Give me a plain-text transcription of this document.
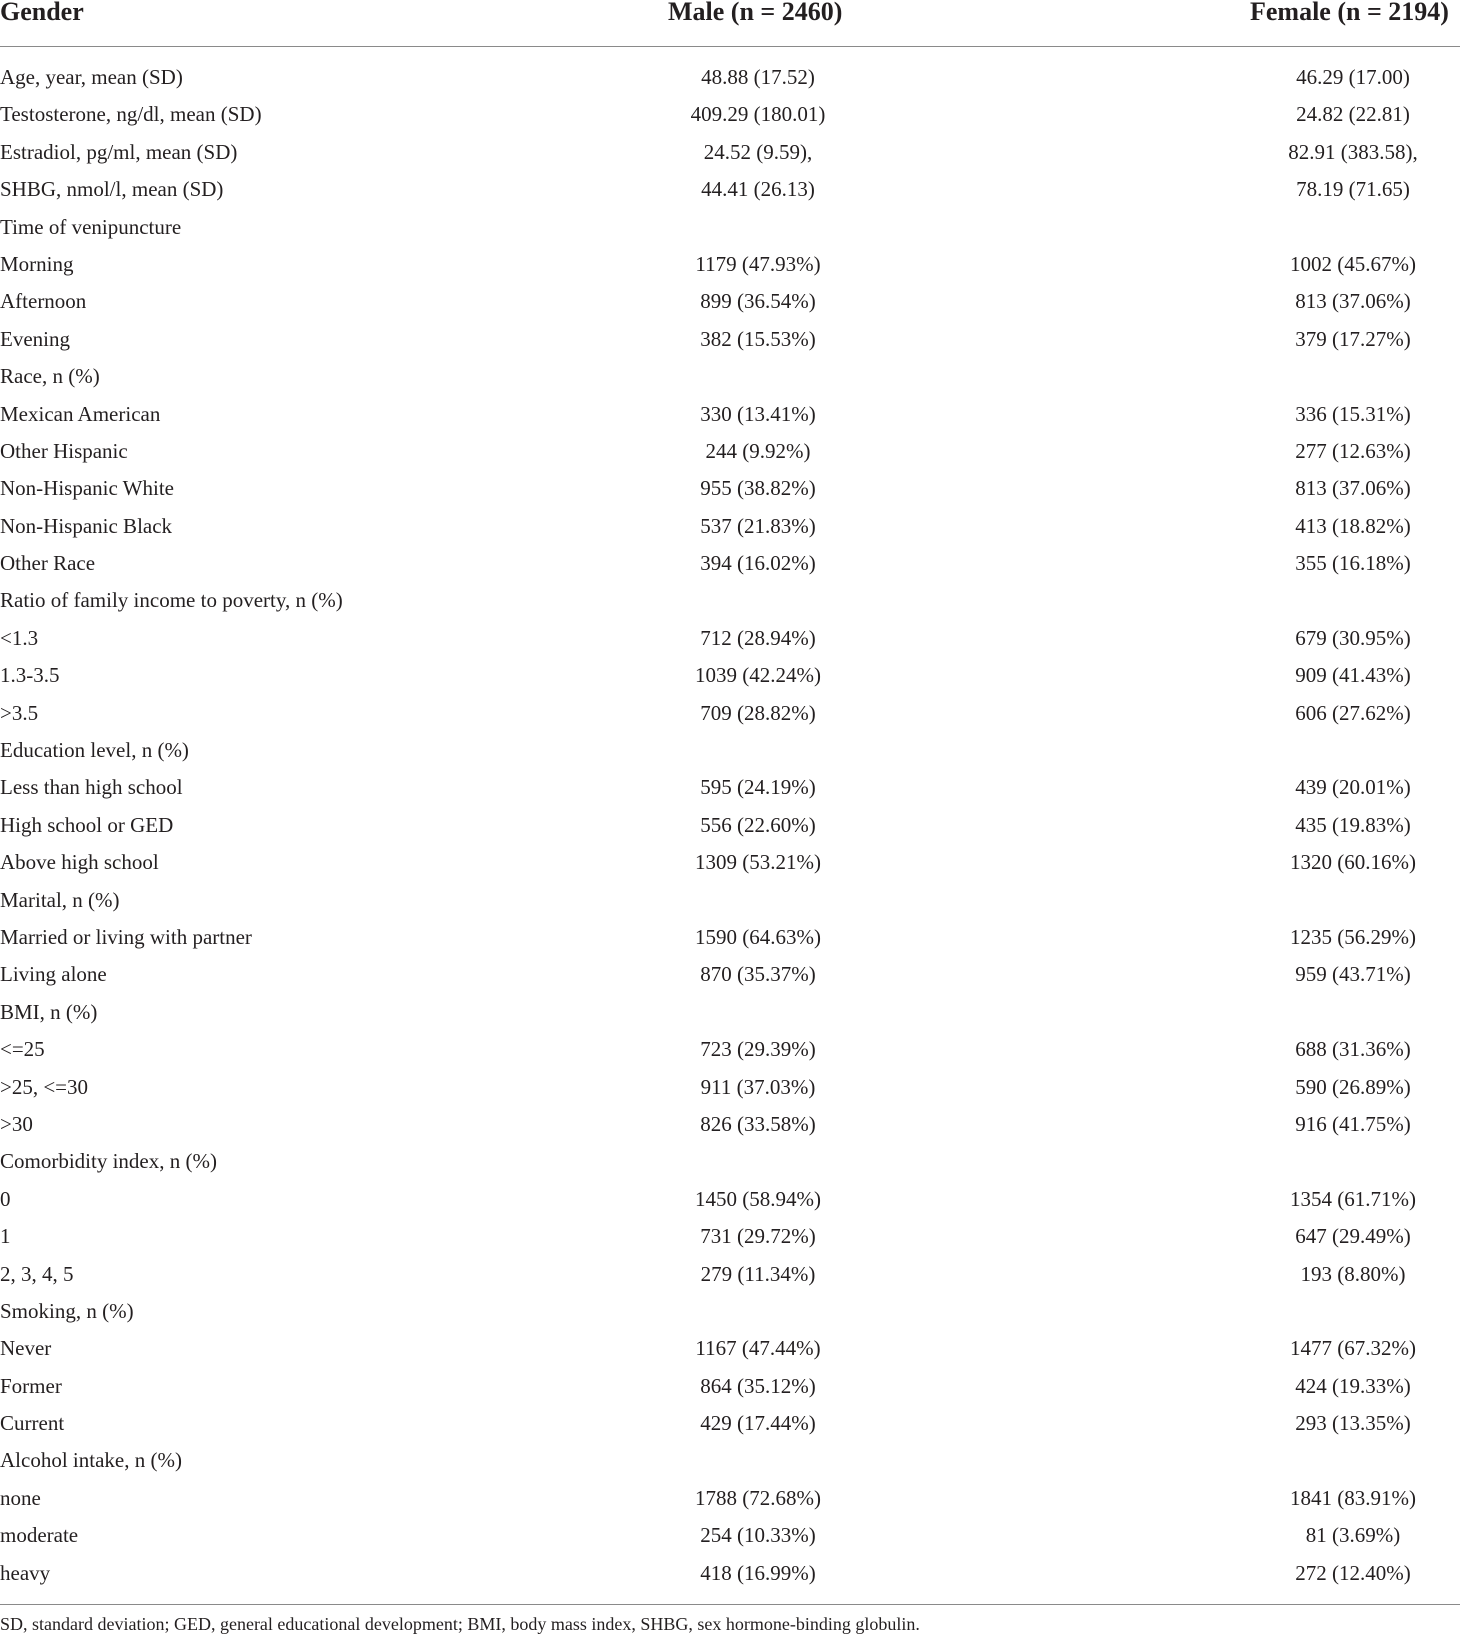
Gender	Male (n = 2460)	Female (n = 2194)
Age, year, mean (SD)	48.88 (17.52)	46.29 (17.00)
Testosterone, ng/dl, mean (SD)	409.29 (180.01)	24.82 (22.81)
Estradiol, pg/ml, mean (SD)	24.52 (9.59),	82.91 (383.58),
SHBG, nmol/l, mean (SD)	44.41 (26.13)	78.19 (71.65)
Time of venipuncture
Morning	1179 (47.93%)	1002 (45.67%)
Afternoon	899 (36.54%)	813 (37.06%)
Evening	382 (15.53%)	379 (17.27%)
Race, n (%)
Mexican American	330 (13.41%)	336 (15.31%)
Other Hispanic	244 (9.92%)	277 (12.63%)
Non-Hispanic White	955 (38.82%)	813 (37.06%)
Non-Hispanic Black	537 (21.83%)	413 (18.82%)
Other Race	394 (16.02%)	355 (16.18%)
Ratio of family income to poverty, n (%)
<1.3	712 (28.94%)	679 (30.95%)
1.3-3.5	1039 (42.24%)	909 (41.43%)
>3.5	709 (28.82%)	606 (27.62%)
Education level, n (%)
Less than high school	595 (24.19%)	439 (20.01%)
High school or GED	556 (22.60%)	435 (19.83%)
Above high school	1309 (53.21%)	1320 (60.16%)
Marital, n (%)
Married or living with partner	1590 (64.63%)	1235 (56.29%)
Living alone	870 (35.37%)	959 (43.71%)
BMI, n (%)
<=25	723 (29.39%)	688 (31.36%)
>25, <=30	911 (37.03%)	590 (26.89%)
>30	826 (33.58%)	916 (41.75%)
Comorbidity index, n (%)
0	1450 (58.94%)	1354 (61.71%)
1	731 (29.72%)	647 (29.49%)
2, 3, 4, 5	279 (11.34%)	193 (8.80%)
Smoking, n (%)
Never	1167 (47.44%)	1477 (67.32%)
Former	864 (35.12%)	424 (19.33%)
Current	429 (17.44%)	293 (13.35%)
Alcohol intake, n (%)
none	1788 (72.68%)	1841 (83.91%)
moderate	254 (10.33%)	81 (3.69%)
heavy	418 (16.99%)	272 (12.40%)
SD, standard deviation; GED, general educational development; BMI, body mass index, SHBG, sex hormone-binding globulin.
